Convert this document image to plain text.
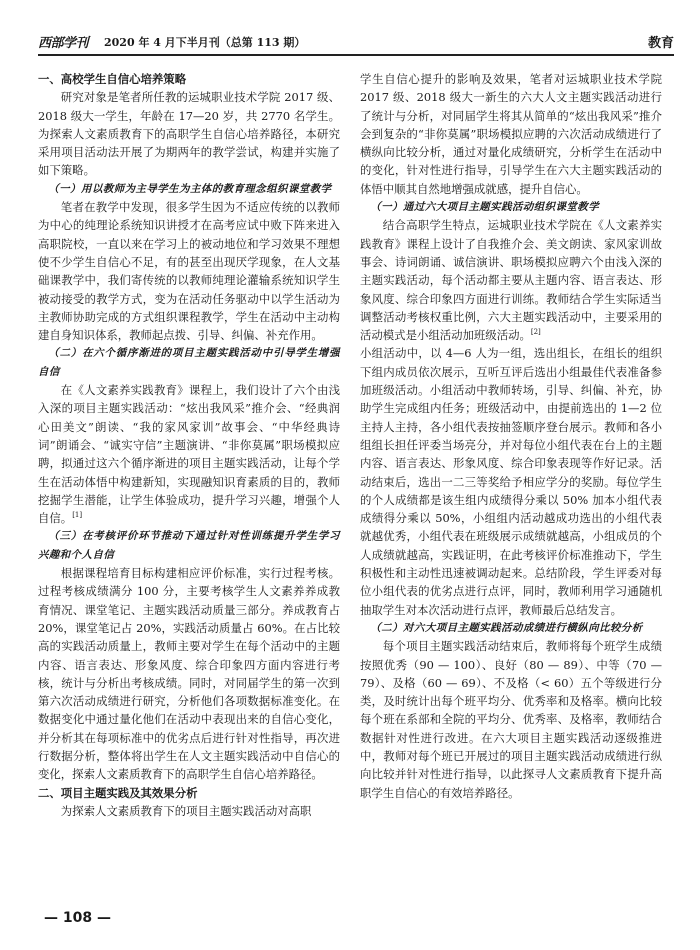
西部学刊 2020 年 4 月下半月刊（总第 113 期）	教育
一、高校学生自信心培养策略

研究对象是笔者所任教的运城职业技术学院 2017 级、2018 级大一学生，年龄在 17—20 岁，共 2770 名学生。为探索人文素质教育下的高职学生自信心培养路径，本研究采用项目活动法开展了为期两年的教学尝试，构建并实施了如下策略。

（一）用以教师为主导学生为主体的教育理念组织课堂教学

笔者在教学中发现，很多学生因为不适应传统的以教师为中心的纯理论系统知识讲授才在高考应试中败下阵来进入高职院校，一直以来在学习上的被动地位和学习效果不理想使不少学生自信心不足，有的甚至出现厌学现象，在人文基础课教学中，我们寄传统的以教师纯理论灌输系统知识学生被动接受的教学方式，变为在活动任务驱动中以学生活动为主教师协助完成的方式组织课程教学，学生在活动中主动构建自身知识体系，教师起点拨、引导、纠偏、补充作用。

（二）在六个循序渐进的项目主题实践活动中引导学生增强自信

在《人文素养实践教育》课程上，我们设计了六个由浅入深的项目主题实践活动：“炫出我风采”推介会、“经典润心田美文”朗读、“我的家风家训”故事会、“中华经典诗词”朗诵会、“诚实守信”主题演讲、“非你莫属”职场模拟应聘，拟通过这六个循序渐进的项目主题实践活动，让每个学生在活动体悟中构建新知，实现融知识育素质的目的，教师挖掘学生潜能，让学生体验成功，提升学习兴趣，增强个人自信。[1]

（三）在考核评价环节推动下通过针对性训练提升学生学习兴趣和个人自信

根据课程培育目标构建相应评价标准，实行过程考核。过程考核成绩满分 100 分，主要考核学生人文素养养成教育情况、课堂笔记、主题实践活动质量三部分。养成教育占 20%，课堂笔记占 20%，实践活动质量占 60%。在占比较高的实践活动质量上，教师主要对学生在每个活动中的主题内容、语言表达、形象风度、综合印象四方面内容进行考核，统计与分析出考核成绩。同时，对同届学生的第一次到第六次活动成绩进行研究，分析他们各项数据标准变化。在数据变化中通过量化他们在活动中表现出来的自信心变化，并分析其在每项标准中的优劣点后进行针对性指导，再次进行数据分析，整体将出学生在人文主题实践活动中自信心的变化，探索人文素质教育下的高职学生自信心培养路径。

二、项目主题实践及其效果分析

为探索人文素质教育下的项目主题实践活动对高职

学生自信心提升的影响及效果，笔者对运城职业技术学院 2017 级、2018 级大一新生的六大人文主题实践活动进行了统计与分析，对同届学生将其从简单的“炫出我风采”推介会到复杂的“非你莫属”职场模拟应聘的六次活动成绩进行了横纵向比较分析，通过对量化成绩研究，分析学生在活动中的变化，针对性进行指导，引导学生在六大主题实践活动的体悟中顺其自然地增强成就感，提升自信心。

（一）通过六大项目主题实践活动组织课堂教学

结合高职学生特点，运城职业技术学院在《人文素养实践教育》课程上设计了自我推介会、美文朗读、家风家训故事会、诗词朗诵、诚信演讲、职场模拟应聘六个由浅入深的主题实践活动，每个活动都主要从主题内容、语言表达、形象风度、综合印象四方面进行训练。教师结合学生实际适当调整活动考核权重比例，六大主题实践活动中，主要采用的活动模式是小组活动加班级活动。[2]

小组活动中，以 4—6 人为一组，选出组长，在组长的组织下组内成员依次展示，互听互评后选出小组最佳代表准备参加班级活动。小组活动中教师转场，引导、纠偏、补充，协助学生完成组内任务；班级活动中，由提前选出的 1—2 位主持人主持，各小组代表按抽签顺序登台展示。教师和各小组组长担任评委当场亮分，并对每位小组代表在台上的主题内容、语言表达、形象风度、综合印象表现等作好记录。活动结束后，选出一二三等奖给予相应学分的奖励。每位学生的个人成绩都是该生组内成绩得分乘以 50% 加本小组代表成绩得分乘以 50%，小组组内活动越成功选出的小组代表就越优秀，小组代表在班级展示成绩就越高，小组成员的个人成绩就越高，实践证明，在此考核评价标准推动下，学生积极性和主动性迅速被调动起来。总结阶段，学生评委对每位小组代表的优劣点进行点评，同时，教师利用学习通随机抽取学生对本次活动进行点评，教师最后总结发言。

（二）对六大项目主题实践活动成绩进行横纵向比较分析

每个项目主题实践活动结束后，教师将每个班学生成绩按照优秀（90 — 100）、良好（80 — 89）、中等（70 — 79）、及格（60 — 69）、不及格（< 60）五个等级进行分类，及时统计出每个班平均分、优秀率和及格率。横向比较每个班在系部和全院的平均分、优秀率、及格率，教师结合数据针对性进行改进。在六大项目主题实践活动逐级推进中，教师对每个班已开展过的项目主题实践活动成绩进行纵向比较并针对性进行指导，以此探寻人文素质教育下提升高职学生自信心的有效培养路径。

— 108 —
